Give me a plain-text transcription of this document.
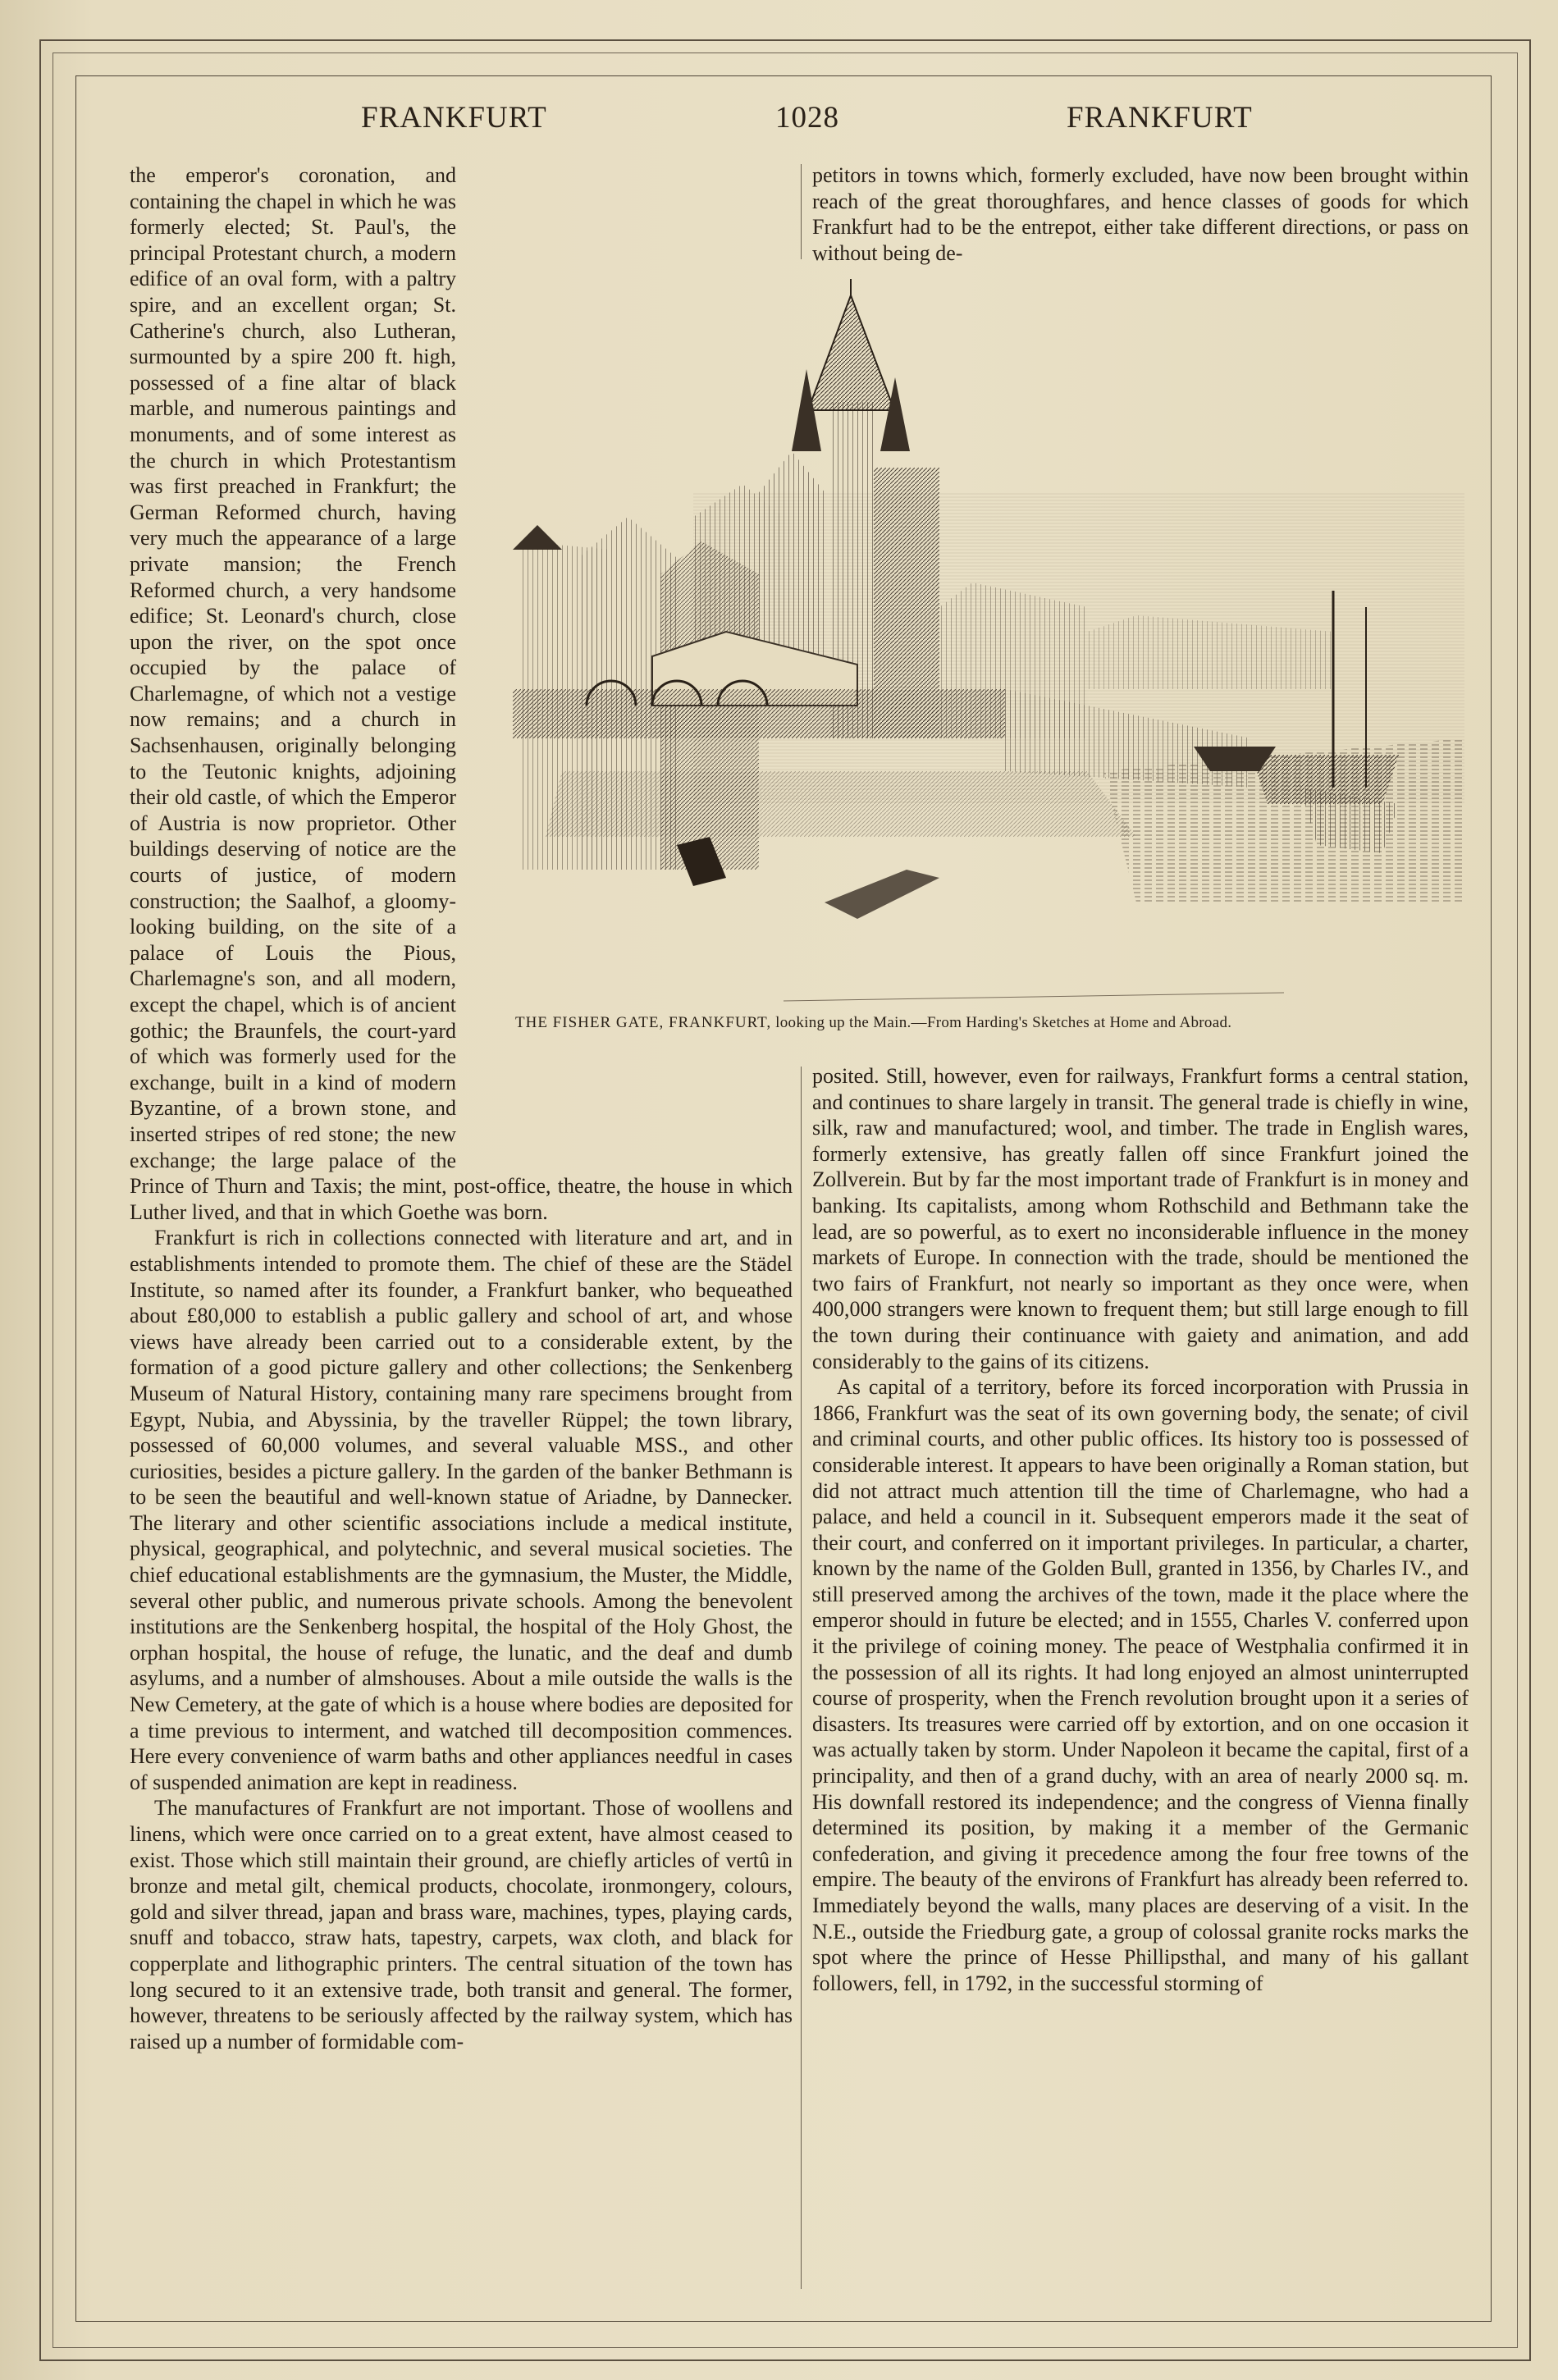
FRANKFURT	1028	FRANKFURT

the emperor's coronation, and containing the chapel in which he was formerly elected; St. Paul's, the principal Protestant church, a modern edifice of an oval form, with a paltry spire, and an excellent organ; St. Catherine's church, also Lutheran, surmounted by a spire 200 ft. high, possessed of a fine altar of black marble, and numerous paintings and monuments, and of some interest as the church in which Protestantism was first preached in Frankfurt; the German Reformed church, having very much the appearance of a large private mansion; the French Reformed church, a very handsome edifice; St. Leonard's church, close upon the river, on the spot once occupied by the palace of Charlemagne, of which not a vestige now remains; and a church in Sachsenhausen, originally belonging to the Teutonic knights, adjoining their old castle, of which the Emperor of Austria is now proprietor. Other buildings deserving of notice are the courts of justice, of modern construction; the Saalhof, a gloomy-looking building, on the site of a palace of Louis the Pious, Charlemagne's son, and all modern, except the chapel, which is of ancient gothic; the Braunfels, the court-yard of which was formerly used for the exchange, built in a kind of modern Byzantine, of a brown stone, and inserted stripes of red stone; the new exchange; the large palace of the Prince of Thurn and Taxis; the mint, post-office, theatre, the house in which Luther lived, and that in which Goethe was born.

Frankfurt is rich in collections connected with literature and art, and in establishments intended to promote them. The chief of these are the Städel Institute, so named after its founder, a Frankfurt banker, who bequeathed about £80,000 to establish a public gallery and school of art, and whose views have already been carried out to a considerable extent, by the formation of a good picture gallery and other collections; the Senkenberg Museum of Natural History, containing many rare specimens brought from Egypt, Nubia, and Abyssinia, by the traveller Rüppel; the town library, possessed of 60,000 volumes, and several valuable MSS., and other curiosities, besides a picture gallery. In the garden of the banker Bethmann is to be seen the beautiful and well-known statue of Ariadne, by Dannecker. The literary and other scientific associations include a medical institute, physical, geographical, and polytechnic, and several musical societies. The chief educational establishments are the gymnasium, the Muster, the Middle, several other public, and numerous private schools. Among the benevolent institutions are the Senkenberg hospital, the hospital of the Holy Ghost, the orphan hospital, the house of refuge, the lunatic, and the deaf and dumb asylums, and a number of almshouses. About a mile outside the walls is the New Cemetery, at the gate of which is a house where bodies are deposited for a time previous to interment, and watched till decomposition commences. Here every convenience of warm baths and other appliances needful in cases of suspended animation are kept in readiness.

The manufactures of Frankfurt are not important. Those of woollens and linens, which were once carried on to a great extent, have almost ceased to exist. Those which still maintain their ground, are chiefly articles of vertû in bronze and metal gilt, chemical products, chocolate, ironmongery, colours, gold and silver thread, japan and brass ware, machines, types, playing cards, snuff and tobacco, straw hats, tapestry, carpets, wax cloth, and black for copperplate and lithographic printers. The central situation of the town has long secured to it an extensive trade, both transit and general. The former, however, threatens to be seriously affected by the railway system, which has raised up a number of formidable com-

petitors in towns which, formerly excluded, have now been brought within reach of the great thoroughfares, and hence classes of goods for which Frankfurt had to be the entrepot, either take different directions, or pass on without being de-

posited. Still, however, even for railways, Frankfurt forms a central station, and continues to share largely in transit. The general trade is chiefly in wine, silk, raw and manufactured; wool, and timber. The trade in English wares, formerly extensive, has greatly fallen off since Frankfurt joined the Zollverein. But by far the most important trade of Frankfurt is in money and banking. Its capitalists, among whom Rothschild and Bethmann take the lead, are so powerful, as to exert no inconsiderable influence in the money markets of Europe. In connection with the trade, should be mentioned the two fairs of Frankfurt, not nearly so important as they once were, when 400,000 strangers were known to frequent them; but still large enough to fill the town during their continuance with gaiety and animation, and add considerably to the gains of its citizens.

As capital of a territory, before its forced incorporation with Prussia in 1866, Frankfurt was the seat of its own governing body, the senate; of civil and criminal courts, and other public offices. Its history too is possessed of considerable interest. It appears to have been originally a Roman station, but did not attract much attention till the time of Charlemagne, who had a palace, and held a council in it. Subsequent emperors made it the seat of their court, and conferred on it important privileges. In particular, a charter, known by the name of the Golden Bull, granted in 1356, by Charles IV., and still preserved among the archives of the town, made it the place where the emperor should in future be elected; and in 1555, Charles V. conferred upon it the privilege of coining money. The peace of Westphalia confirmed it in the possession of all its rights. It had long enjoyed an almost uninterrupted course of prosperity, when the French revolution brought upon it a series of disasters. Its treasures were carried off by extortion, and on one occasion it was actually taken by storm. Under Napoleon it became the capital, first of a principality, and then of a grand duchy, with an area of nearly 2000 sq. m. His downfall restored its independence; and the congress of Vienna finally determined its position, by making it a member of the Germanic confederation, and giving it precedence among the four free towns of the empire. The beauty of the environs of Frankfurt has already been referred to. Immediately beyond the walls, many places are deserving of a visit. In the N.E., outside the Friedburg gate, a group of colossal granite rocks marks the spot where the prince of Hesse Phillipsthal, and many of his gallant followers, fell, in 1792, in the successful storming of

THE FISHER GATE, FRANKFURT, looking up the Main.—From Harding's Sketches at Home and Abroad.
